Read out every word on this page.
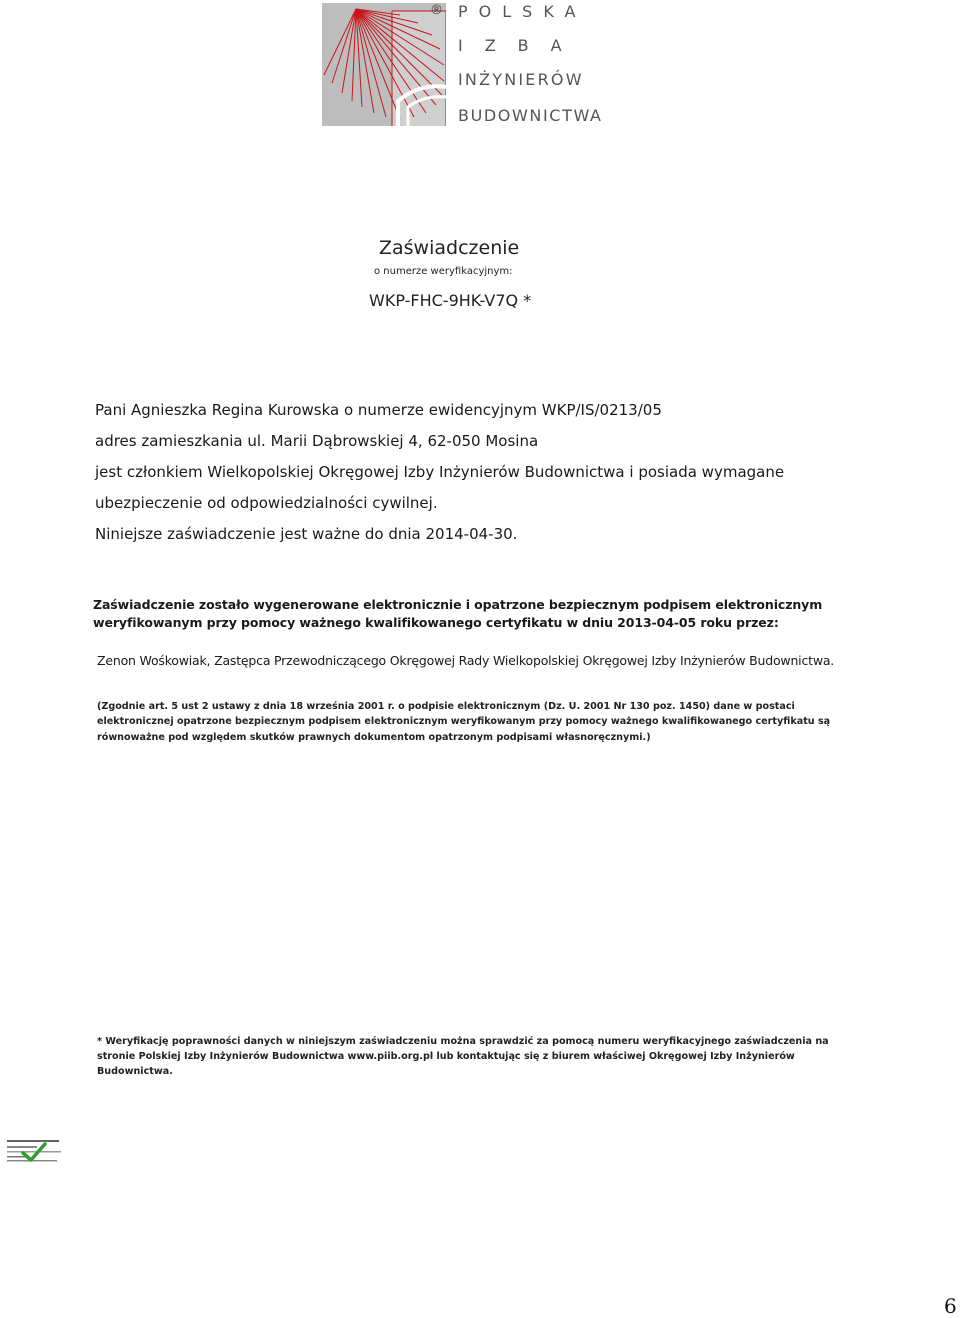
® POLSKA
IZBA
INŻYNIERÓW
BUDOWNICTWA
Zaświadczenie
o numerze weryfikacyjnym:
WKP-FHC-9HK-V7Q *
Pani Agnieszka Regina Kurowska o numerze ewidencyjnym WKP/IS/0213/05
adres zamieszkania ul. Marii Dąbrowskiej 4, 62-050 Mosina
jest członkiem Wielkopolskiej Okręgowej Izby Inżynierów Budownictwa i posiada wymagane
ubezpieczenie od odpowiedzialności cywilnej.
Niniejsze zaświadczenie jest ważne do dnia 2014-04-30.
Zaświadczenie zostało wygenerowane elektronicznie i opatrzone bezpiecznym podpisem elektronicznym
weryfikowanym przy pomocy ważnego kwalifikowanego certyfikatu w dniu 2013-04-05 roku przez:
Zenon Wośkowiak, Zastępca Przewodniczącego Okręgowej Rady Wielkopolskiej Okręgowej Izby Inżynierów Budownictwa.
(Zgodnie art. 5 ust 2 ustawy z dnia 18 września 2001 r. o podpisie elektronicznym (Dz. U. 2001 Nr 130 poz. 1450) dane w postaci
elektronicznej opatrzone bezpiecznym podpisem elektronicznym weryfikowanym przy pomocy ważnego kwalifikowanego certyfikatu są
równoważne pod względem skutków prawnych dokumentom opatrzonym podpisami własnoręcznymi.)
* Weryfikację poprawności danych w niniejszym zaświadczeniu można sprawdzić za pomocą numeru weryfikacyjnego zaświadczenia na
stronie Polskiej Izby Inżynierów Budownictwa www.piib.org.pl lub kontaktując się z biurem właściwej Okręgowej Izby Inżynierów
Budownictwa.
6
